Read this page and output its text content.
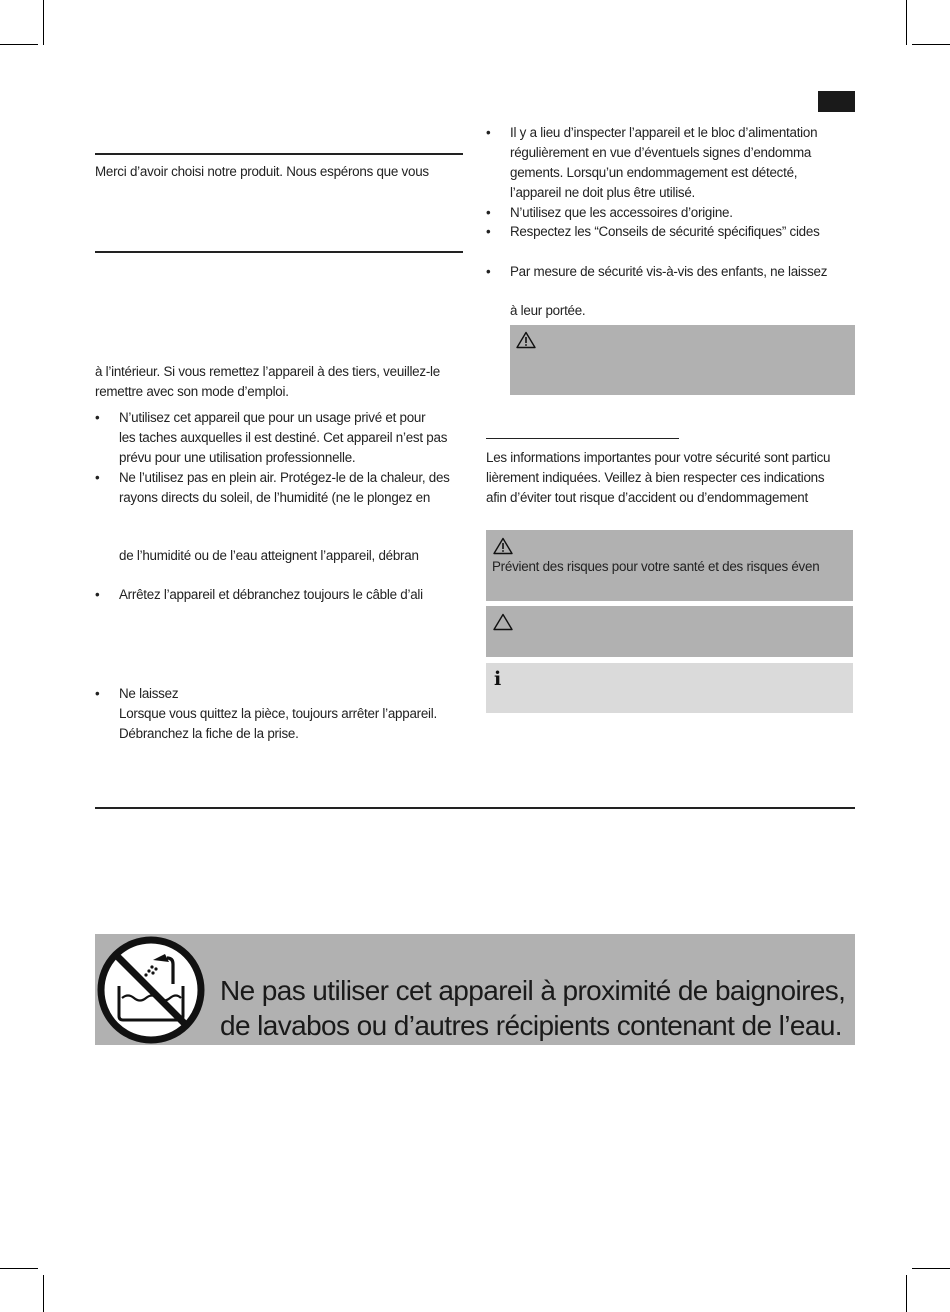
Merci d’avoir choisi notre produit. Nous espérons que vous
à l’intérieur. Si vous remettez l’appareil à des tiers, veuillez-le
remettre avec son mode d’emploi.
• N’utilisez cet appareil que pour un usage privé et pour
les taches auxquelles il est destiné. Cet appareil n’est pas
prévu pour une utilisation professionnelle.
• Ne l’utilisez pas en plein air. Protégez-le de la chaleur, des
rayons directs du soleil, de l’humidité (ne le plongez en
de l’humidité ou de l’eau atteignent l’appareil, débran
• Arrêtez l’appareil et débranchez toujours le câble d’ali
• Ne laissez
Lorsque vous quittez la pièce, toujours arrêter l’appareil.
Débranchez la fiche de la prise.
• Il y a lieu d’inspecter l’appareil et le bloc d’alimentation
régulièrement en vue d’éventuels signes d’endomma
gements. Lorsqu’un endommagement est détecté,
l’appareil ne doit plus être utilisé.
• N’utilisez que les accessoires d’origine.
• Respectez les “Conseils de sécurité spécifiques” cides
• Par mesure de sécurité vis-à-vis des enfants, ne laissez
à leur portée.
Les informations importantes pour votre sécurité sont particu
lièrement indiquées. Veillez à bien respecter ces indications
afin d’éviter tout risque d’accident ou d’endommagement
Prévient des risques pour votre santé et des risques éven
i
Ne pas utiliser cet appareil à proximité de baignoires,
de lavabos ou d’autres récipients contenant de l’eau.
